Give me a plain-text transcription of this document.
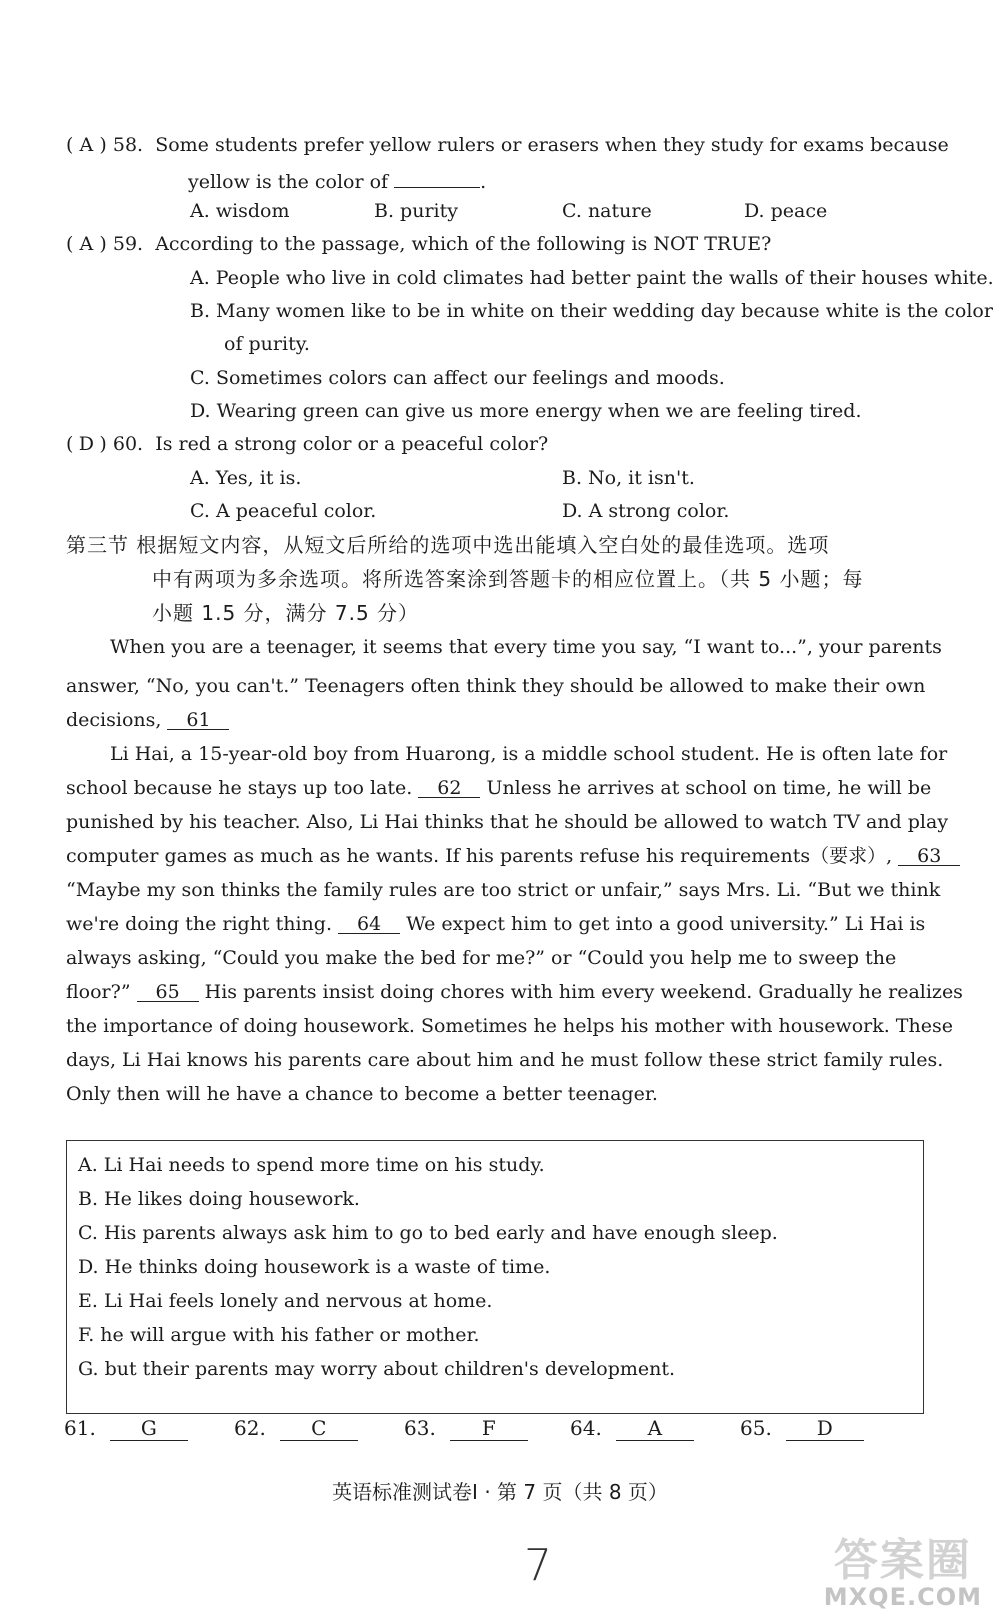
( A ) 58. Some students prefer yellow rulers or erasers when they study for exams because
yellow is the color of	.
A. wisdom	B. purity	C. nature	D. peace
( A ) 59. According to the passage, which of the following is NOT TRUE?
A. People who live in cold climates had better paint the walls of their houses white.
B. Many women like to be in white on their wedding day because white is the color
of purity.
C. Sometimes colors can affect our feelings and moods.
D. Wearing green can give us more energy when we are feeling tired.
( D ) 60. Is red a strong color or a peaceful color?
A. Yes, it is.	B. No, it isn't.
C. A peaceful color.	D. A strong color.
第三节 根据短文内容，从短文后所给的选项中选出能填入空白处的最佳选项。选项
中有两项为多余选项。将所选答案涂到答题卡的相应位置上。（共 5 小题；每
小题 1.5 分，满分 7.5 分）
When you are a teenager, it seems that every time you say, “I want to...”, your parents
answer, “No, you can't.” Teenagers often think they should be allowed to make their own
decisions, 61
Li Hai, a 15-year-old boy from Huarong, is a middle school student. He is often late for
school because he stays up too late. 62 Unless he arrives at school on time, he will be
punished by his teacher. Also, Li Hai thinks that he should be allowed to watch TV and play
computer games as much as he wants. If his parents refuse his requirements（要求）, 63
“Maybe my son thinks the family rules are too strict or unfair,” says Mrs. Li. “But we think
we're doing the right thing. 64 We expect him to get into a good university.” Li Hai is
always asking, “Could you make the bed for me?” or “Could you help me to sweep the
floor?” 65 His parents insist doing chores with him every weekend. Gradually he realizes
the importance of doing housework. Sometimes he helps his mother with housework. These
days, Li Hai knows his parents care about him and he must follow these strict family rules.
Only then will he have a chance to become a better teenager.
A. Li Hai needs to spend more time on his study.
B. He likes doing housework.
C. His parents always ask him to go to bed early and have enough sleep.
D. He thinks doing housework is a waste of time.
E. Li Hai feels lonely and nervous at home.
F. he will argue with his father or mother.
G. but their parents may worry about children's development.
61. G	62. C	63. F	64. A	65. D
英语标准测试卷Ⅰ · 第 7 页（共 8 页）
7	答案圈
MXQE.COM
